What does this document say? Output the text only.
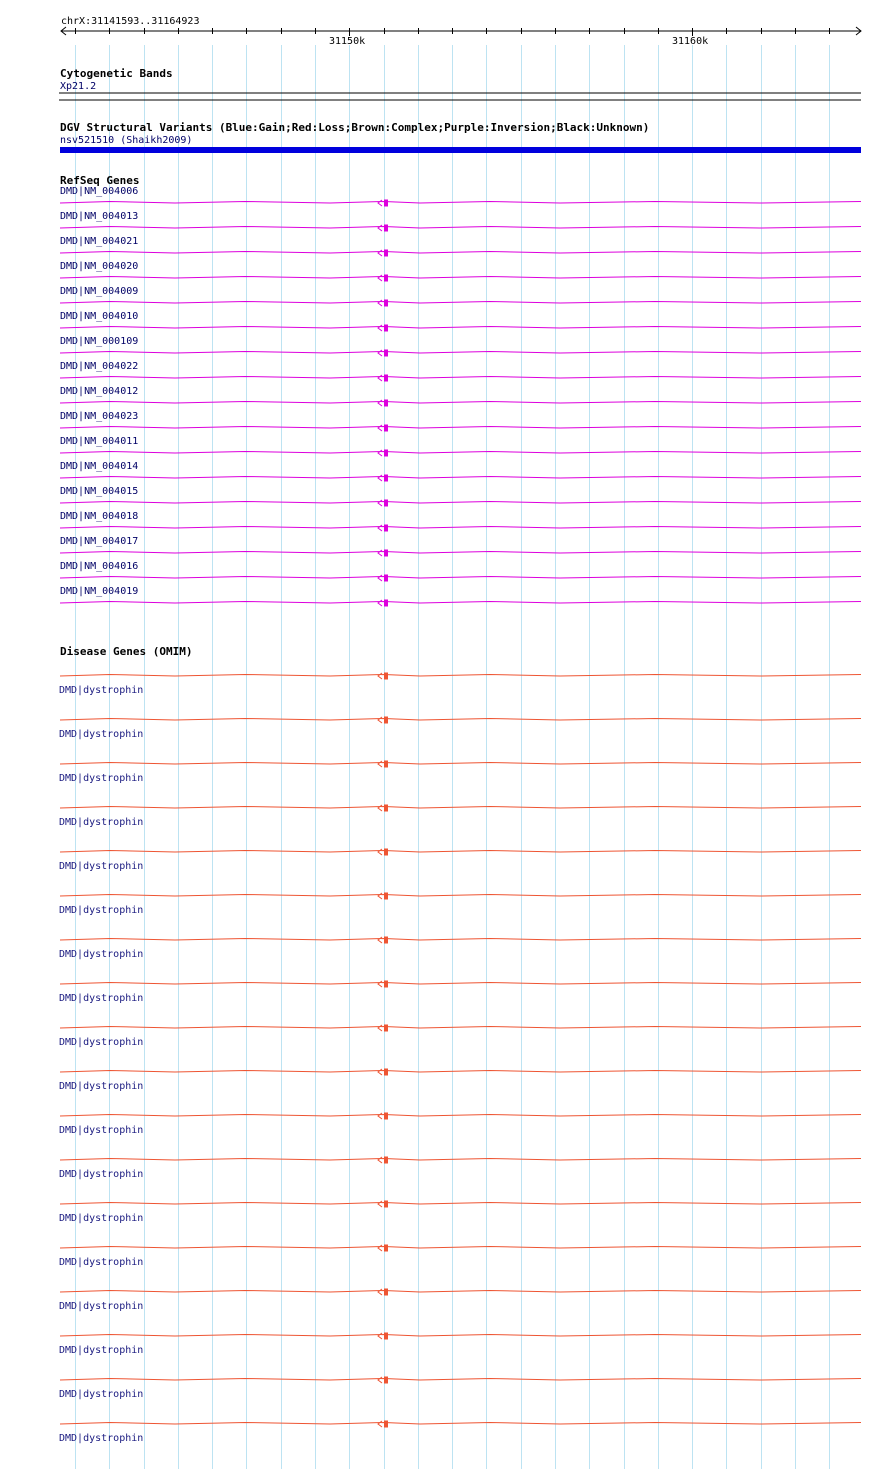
chrX:31141593..31164923
31150k	31160k
Cytogenetic Bands
Xp21.2
DGV Structural Variants (Blue:Gain;Red:Loss;Brown:Complex;Purple:Inversion;Black:Unknown)
nsv521510 (Shaikh2009)
RefSeq Genes
DMD|NM_004006
DMD|NM_004013
DMD|NM_004021
DMD|NM_004020
DMD|NM_004009
DMD|NM_004010
DMD|NM_000109
DMD|NM_004022
DMD|NM_004012
DMD|NM_004023
DMD|NM_004011
DMD|NM_004014
DMD|NM_004015
DMD|NM_004018
DMD|NM_004017
DMD|NM_004016
DMD|NM_004019
Disease Genes (OMIM)
DMD|dystrophin
DMD|dystrophin
DMD|dystrophin
DMD|dystrophin
DMD|dystrophin
DMD|dystrophin
DMD|dystrophin
DMD|dystrophin
DMD|dystrophin
DMD|dystrophin
DMD|dystrophin
DMD|dystrophin
DMD|dystrophin
DMD|dystrophin
DMD|dystrophin
DMD|dystrophin
DMD|dystrophin
DMD|dystrophin
